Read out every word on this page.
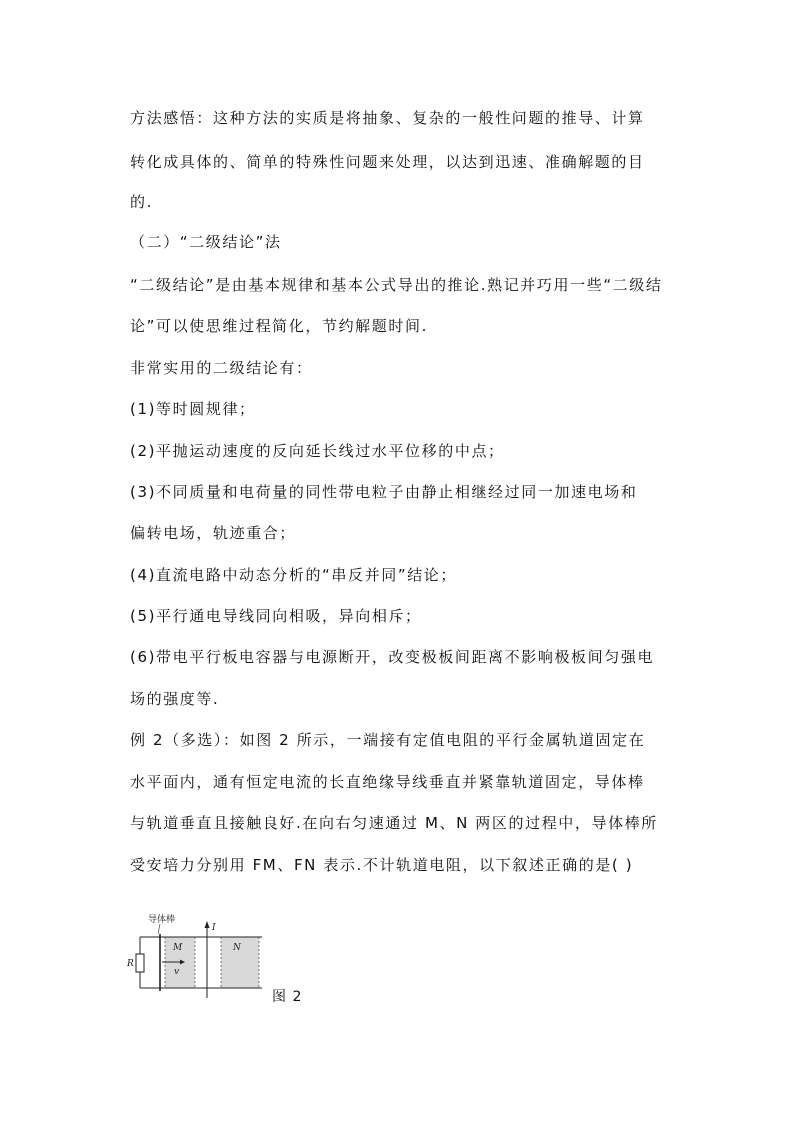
方法感悟：这种方法的实质是将抽象、复杂的一般性问题的推导、计算
转化成具体的、简单的特殊性问题来处理，以达到迅速、准确解题的目
的.
（二）“二级结论”法
“二级结论”是由基本规律和基本公式导出的推论.熟记并巧用一些“二级结
论”可以使思维过程简化，节约解题时间.
非常实用的二级结论有：
(1)等时圆规律；
(2)平抛运动速度的反向延长线过水平位移的中点；
(3)不同质量和电荷量的同性带电粒子由静止相继经过同一加速电场和
偏转电场，轨迹重合；
(4)直流电路中动态分析的“串反并同”结论；
(5)平行通电导线同向相吸，异向相斥；
(6)带电平行板电容器与电源断开，改变极板间距离不影响极板间匀强电
场的强度等.
例 2（多选）：如图 2 所示，一端接有定值电阻的平行金属轨道固定在
水平面内，通有恒定电流的长直绝缘导线垂直并紧靠轨道固定，导体棒
与轨道垂直且接触良好.在向右匀速通过 M、N 两区的过程中，导体棒所
受安培力分别用 FM、FN 表示.不计轨道电阻，以下叙述正确的是( )
导体棒
I
R
M	N
v
图 2
